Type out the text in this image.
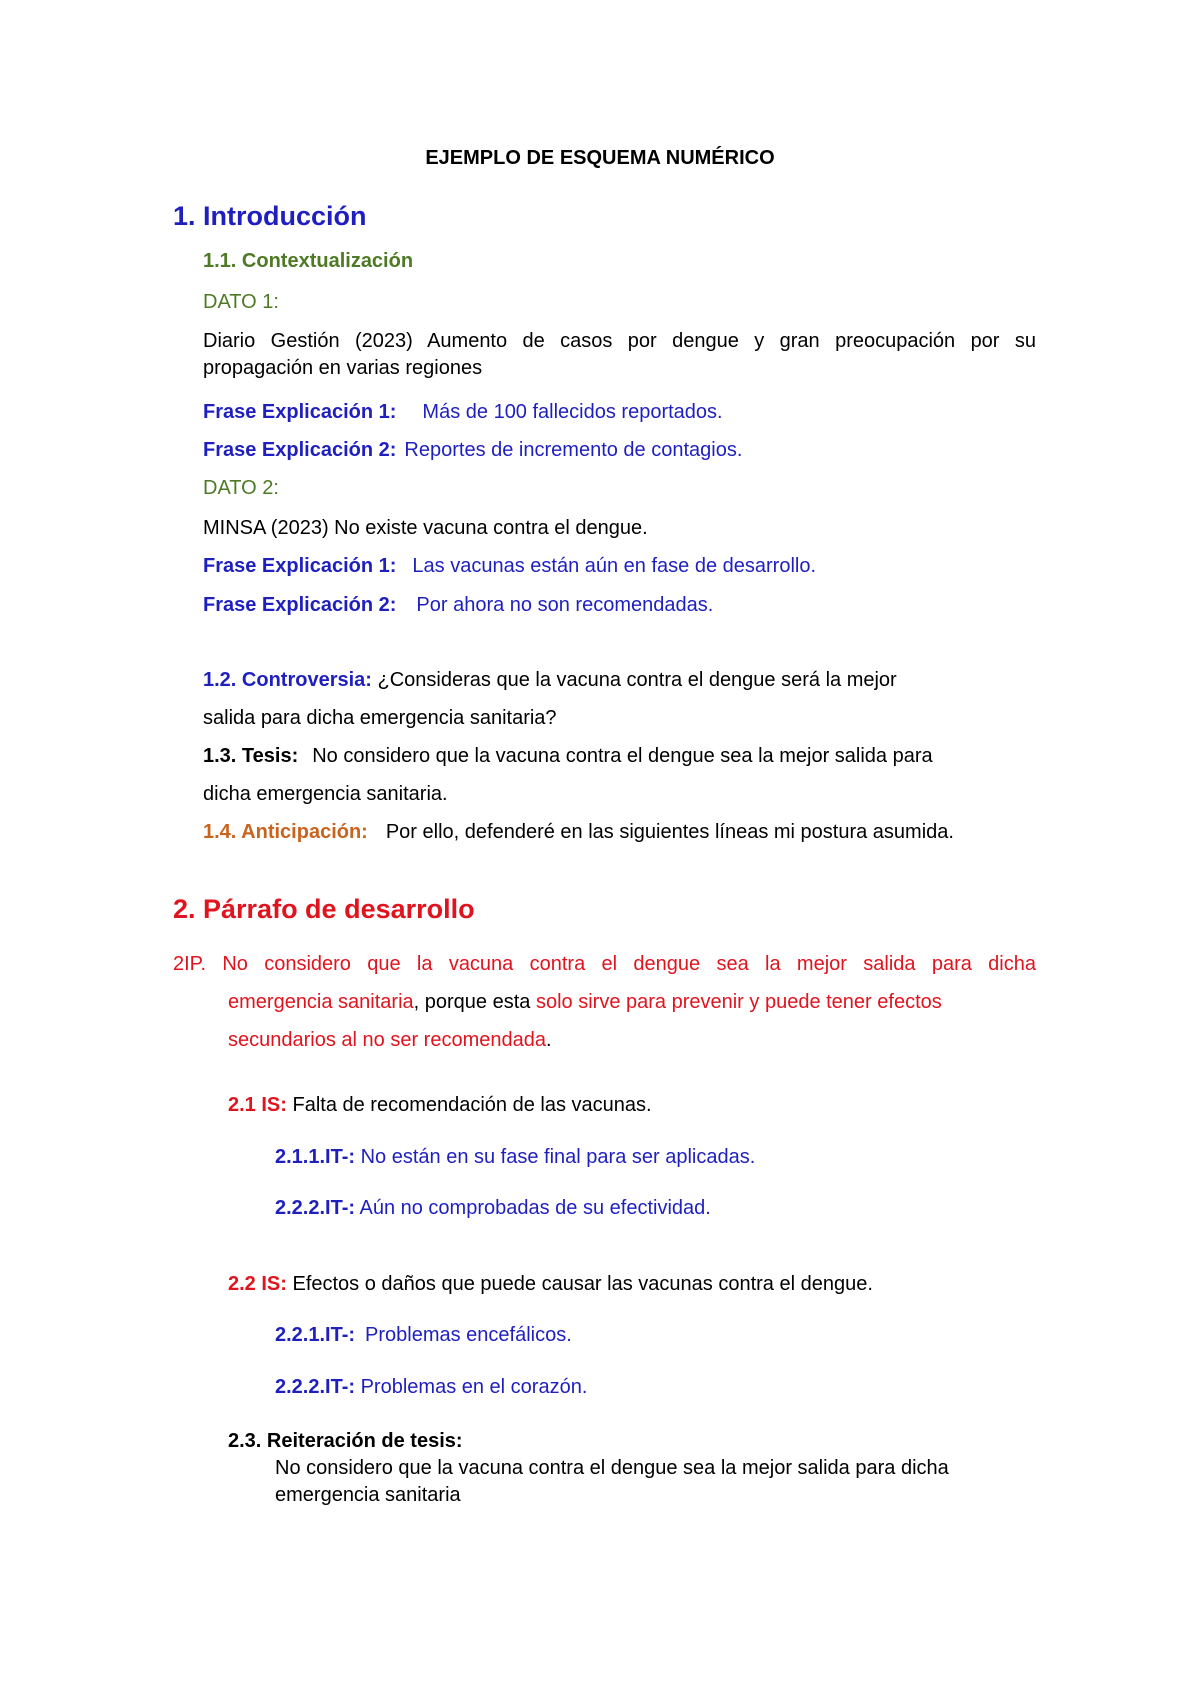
EJEMPLO DE ESQUEMA NUMÉRICO
1. Introducción
1.1. Contextualización
DATO 1:
Diario Gestión (2023) Aumento de casos por dengue y gran preocupación por su
propagación en varias regiones
Frase Explicación 1: Más de 100 fallecidos reportados.
Frase Explicación 2: Reportes de incremento de contagios.
DATO 2:
MINSA (2023) No existe vacuna contra el dengue.
Frase Explicación 1: Las vacunas están aún en fase de desarrollo.
Frase Explicación 2: Por ahora no son recomendadas.
1.2. Controversia: ¿Consideras que la vacuna contra el dengue será la mejor
salida para dicha emergencia sanitaria?
1.3. Tesis: No considero que la vacuna contra el dengue sea la mejor salida para
dicha emergencia sanitaria.
1.4. Anticipación: Por ello, defenderé en las siguientes líneas mi postura asumida.
2. Párrafo de desarrollo
2IP. No considero que la vacuna contra el dengue sea la mejor salida para dicha
emergencia sanitaria, porque esta solo sirve para prevenir y puede tener efectos
secundarios al no ser recomendada.
2.1 IS: Falta de recomendación de las vacunas.
2.1.1.IT-: No están en su fase final para ser aplicadas.
2.2.2.IT-: Aún no comprobadas de su efectividad.
2.2 IS: Efectos o daños que puede causar las vacunas contra el dengue.
2.2.1.IT-: Problemas encefálicos.
2.2.2.IT-: Problemas en el corazón.
2.3. Reiteración de tesis:
No considero que la vacuna contra el dengue sea la mejor salida para dicha
emergencia sanitaria
